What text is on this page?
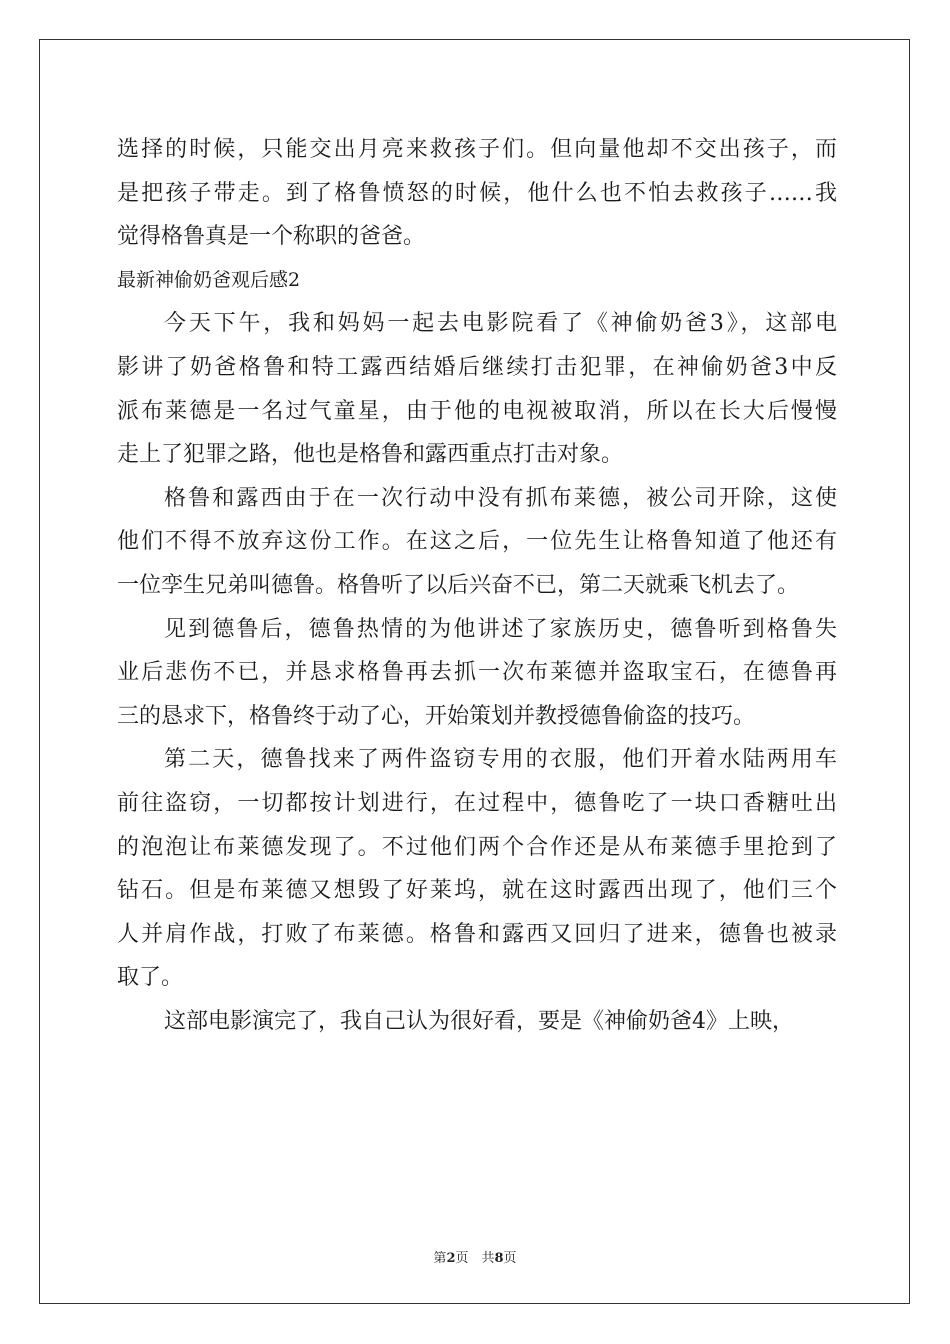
选择的时候，只能交出月亮来救孩子们。但向量他却不交出孩子，而
是把孩子带走。到了格鲁愤怒的时候，他什么也不怕去救孩子……我
觉得格鲁真是一个称职的爸爸。
最新神偷奶爸观后感2
今天下午，我和妈妈一起去电影院看了《神偷奶爸3》，这部电
影讲了奶爸格鲁和特工露西结婚后继续打击犯罪，在神偷奶爸3中反
派布莱德是一名过气童星，由于他的电视被取消，所以在长大后慢慢
走上了犯罪之路，他也是格鲁和露西重点打击对象。
格鲁和露西由于在一次行动中没有抓布莱德，被公司开除，这使
他们不得不放弃这份工作。在这之后，一位先生让格鲁知道了他还有
一位孪生兄弟叫德鲁。格鲁听了以后兴奋不已，第二天就乘飞机去了。
见到德鲁后，德鲁热情的为他讲述了家族历史，德鲁听到格鲁失
业后悲伤不已，并恳求格鲁再去抓一次布莱德并盗取宝石，在德鲁再
三的恳求下，格鲁终于动了心，开始策划并教授德鲁偷盗的技巧。
第二天，德鲁找来了两件盗窃专用的衣服，他们开着水陆两用车
前往盗窃，一切都按计划进行，在过程中，德鲁吃了一块口香糖吐出
的泡泡让布莱德发现了。不过他们两个合作还是从布莱德手里抢到了
钻石。但是布莱德又想毁了好莱坞，就在这时露西出现了，他们三个
人并肩作战，打败了布莱德。格鲁和露西又回归了进来，德鲁也被录
取了。
这部电影演完了，我自己认为很好看，要是《神偷奶爸4》上映，
第2页　共8页
